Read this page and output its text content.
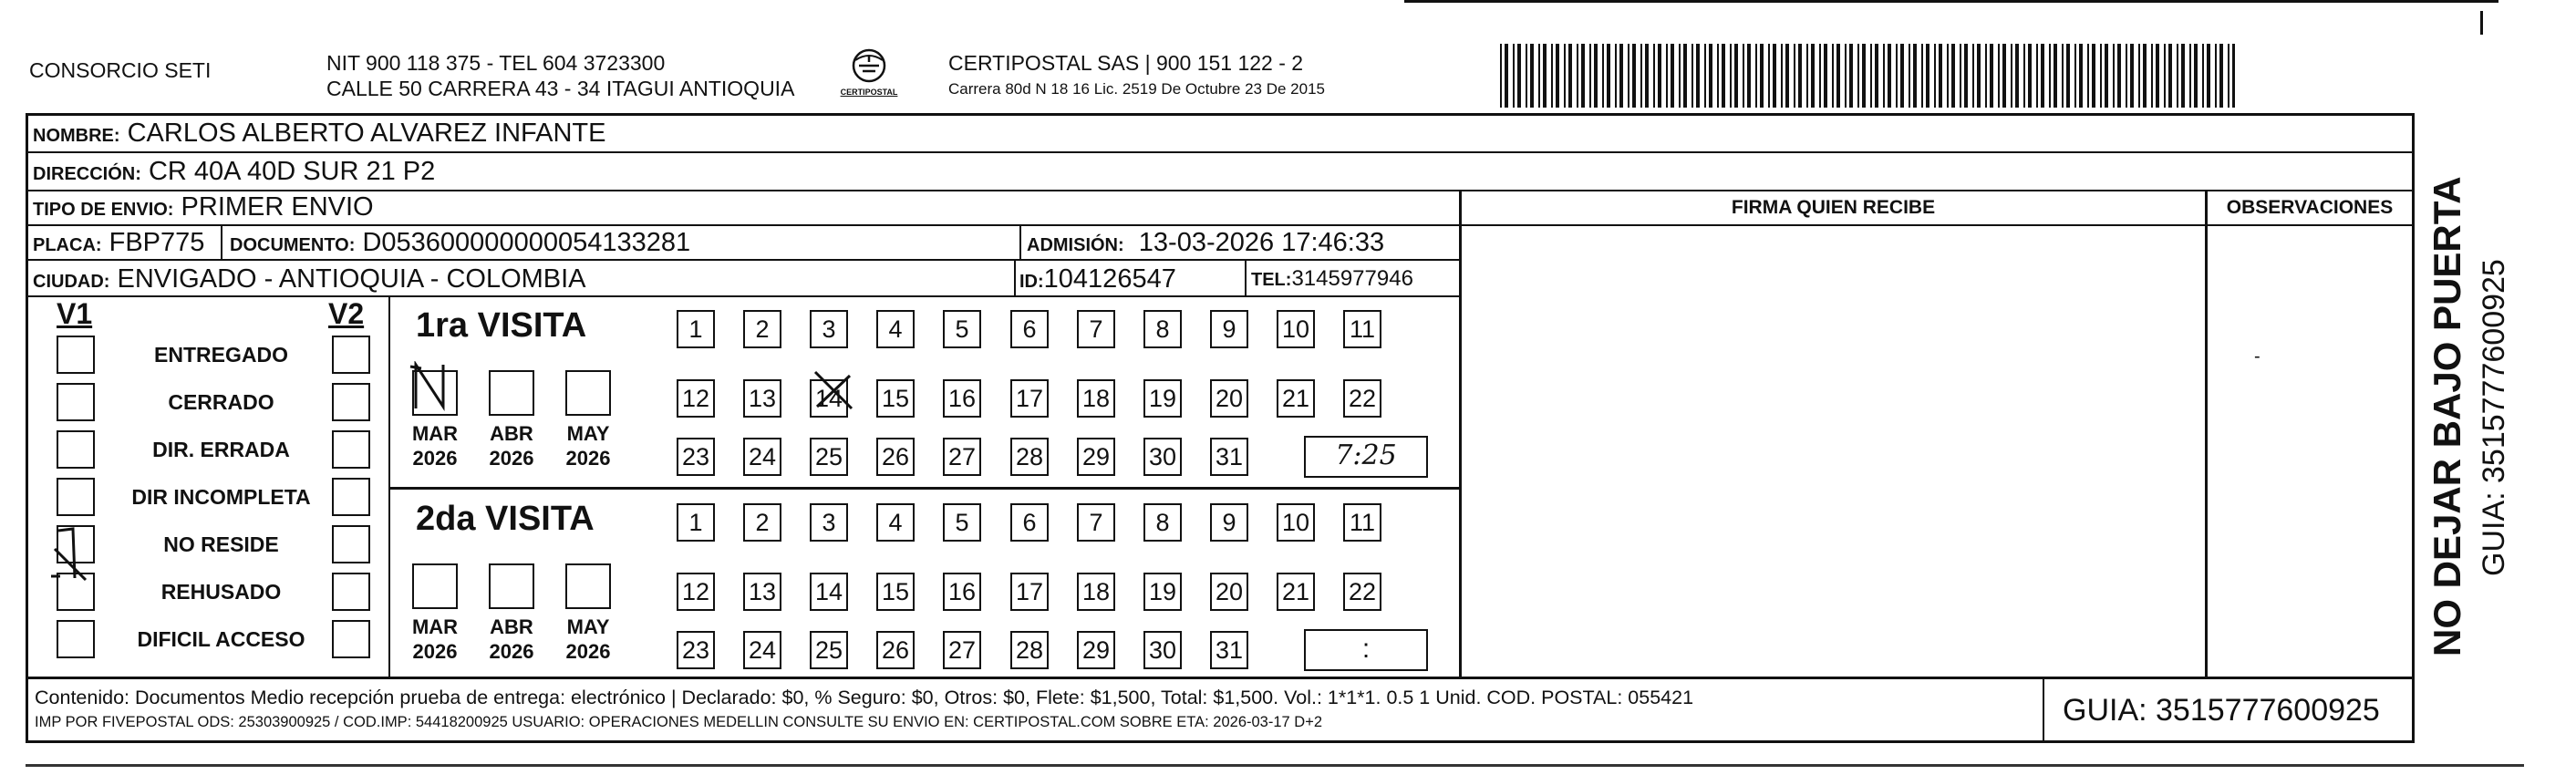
CONSORCIO SETI	NIT 900 118 375 - TEL 604 3723300
CALLE 50 CARRERA 43 - 34 ITAGUI ANTIOQUIA	CERTIPOSTAL
CERTIPOSTAL SAS | 900 151 122 - 2
Carrera 80d N 18 16 Lic. 2519 De Octubre 23 De 2015
NOMBRE: CARLOS ALBERTO ALVAREZ INFANTE
DIRECCIÓN: CR 40A 40D SUR 21 P2
TIPO DE ENVIO: PRIMER ENVIO
PLACA: FBP775 DOCUMENTO: D053600000000054133281	ADMISIÓN: 13-03-2026 17:46:33
CIUDAD: ENVIGADO - ANTIOQUIA - COLOMBIA	ID:104126547	TEL:3145977946
FIRMA QUIEN RECIBE	OBSERVACIONES
-
V1	V2
ENTREGADO
CERRADO
DIR. ERRADA
DIR INCOMPLETA
NO RESIDE
REHUSADO
DIFICIL ACCESO
1ra VISITA
MAR
2026
ABR
2026
MAY
2026
1	2	3	4	5	6	7	8	9	10 11
12 13 14 15 16 17 18 19 20 21 22
23 24 25 26 27 28 29 30 31	7:25
2da VISITA
MAR
2026
ABR
2026
MAY
2026
1	2	3	4	5	6	7	8	9	10 11
12 13 14 15 16 17 18 19 20 21 22
23 24 25 26 27 28 29 30 31	:
Contenido: Documentos Medio recepción prueba de entrega: electrónico | Declarado: $0, % Seguro: $0, Otros: $0, Flete: $1,500, Total: $1,500. Vol.: 1*1*1. 0.5 1 Unid. COD. POSTAL: 055421
IMP POR FIVEPOSTAL ODS: 25303900925 / COD.IMP: 54418200925 USUARIO: OPERACIONES MEDELLIN CONSULTE SU ENVIO EN: CERTIPOSTAL.COM SOBRE ETA: 2026-03-17 D+2	GUIA: 3515777600925
NO DEJAR BAJO PUERTA GUIA: 3515777600925
